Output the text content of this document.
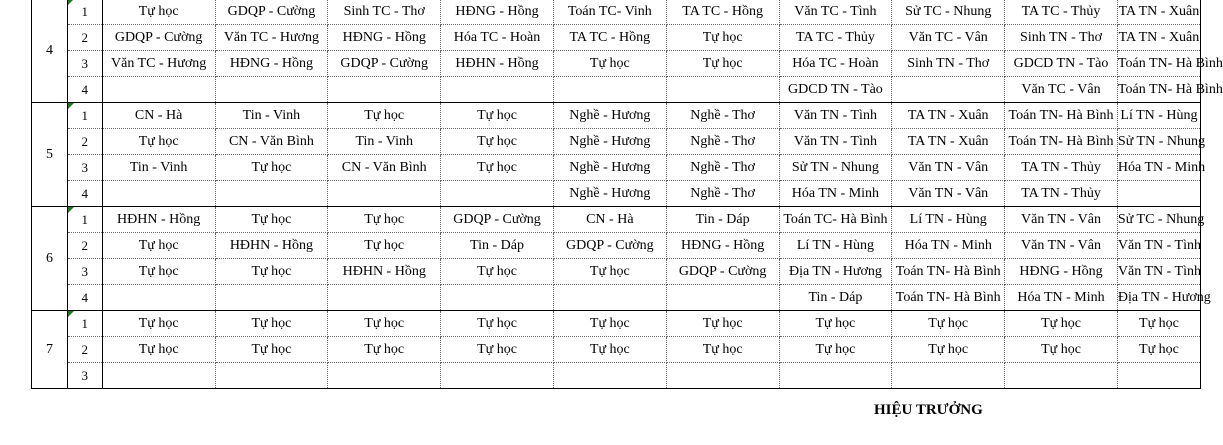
4	1	Tự học	GDQP - Cường	Sinh TC - Thơ	HĐNG - Hồng	Toán TC- Vinh	TA TC - Hồng	Văn TC - Tình	Sử TC - Nhung	TA TC - Thủy	TA TN - Xuân
	2	GDQP - Cường	Văn TC - Hương	HĐNG - Hồng	Hóa TC - Hoàn	TA TC - Hồng	Tự học	TA TC - Thủy	Văn TC - Vân	Sinh TN - Thơ	TA TN - Xuân
	3	Văn TC - Hương	HĐNG - Hồng	GDQP - Cường	HĐHN - Hồng	Tự học	Tự học	Hóa TC - Hoàn	Sinh TN - Thơ	GDCD TN - Tào	Toán TN- Hà Bình
	4							GDCD TN - Tào		Văn TC - Vân	Toán TN- Hà Bình
5	1	CN - Hà	Tin - Vinh	Tự học	Tự học	Nghề - Hương	Nghề - Thơ	Văn TN - Tình	TA TN - Xuân	Toán TN- Hà Bình	Lí TN - Hùng
	2	Tự học	CN - Văn Bình	Tin - Vinh	Tự học	Nghề - Hương	Nghề - Thơ	Văn TN - Tình	TA TN - Xuân	Toán TN- Hà Bình	Sử TN - Nhung
	3	Tin - Vinh	Tự học	CN - Văn Bình	Tự học	Nghề - Hương	Nghề - Thơ	Sử TN - Nhung	Văn TN - Vân	TA TN - Thủy	Hóa TN - Minh
	4					Nghề - Hương	Nghề - Thơ	Hóa TN - Minh	Văn TN - Vân	TA TN - Thủy	
6	1	HĐHN - Hồng	Tự học	Tự học	GDQP - Cường	CN - Hà	Tin - Dáp	Toán TC- Hà Bình	Lí TN - Hùng	Văn TN - Vân	Sử TC - Nhung
	2	Tự học	HĐHN - Hồng	Tự học	Tin - Dáp	GDQP - Cường	HĐNG - Hồng	Lí TN - Hùng	Hóa TN - Minh	Văn TN - Vân	Văn TN - Tình
	3	Tự học	Tự học	HĐHN - Hồng	Tự học	Tự học	GDQP - Cường	Địa TN - Hương	Toán TN- Hà Bình	HĐNG - Hồng	Văn TN - Tình
	4							Tin - Dáp	Toán TN- Hà Bình	Hóa TN - Minh	Địa TN - Hương
7	1	Tự học	Tự học	Tự học	Tự học	Tự học	Tự học	Tự học	Tự học	Tự học	Tự học
	2	Tự học	Tự học	Tự học	Tự học	Tự học	Tự học	Tự học	Tự học	Tự học	Tự học
	3										
HIỆU TRƯỞNG
